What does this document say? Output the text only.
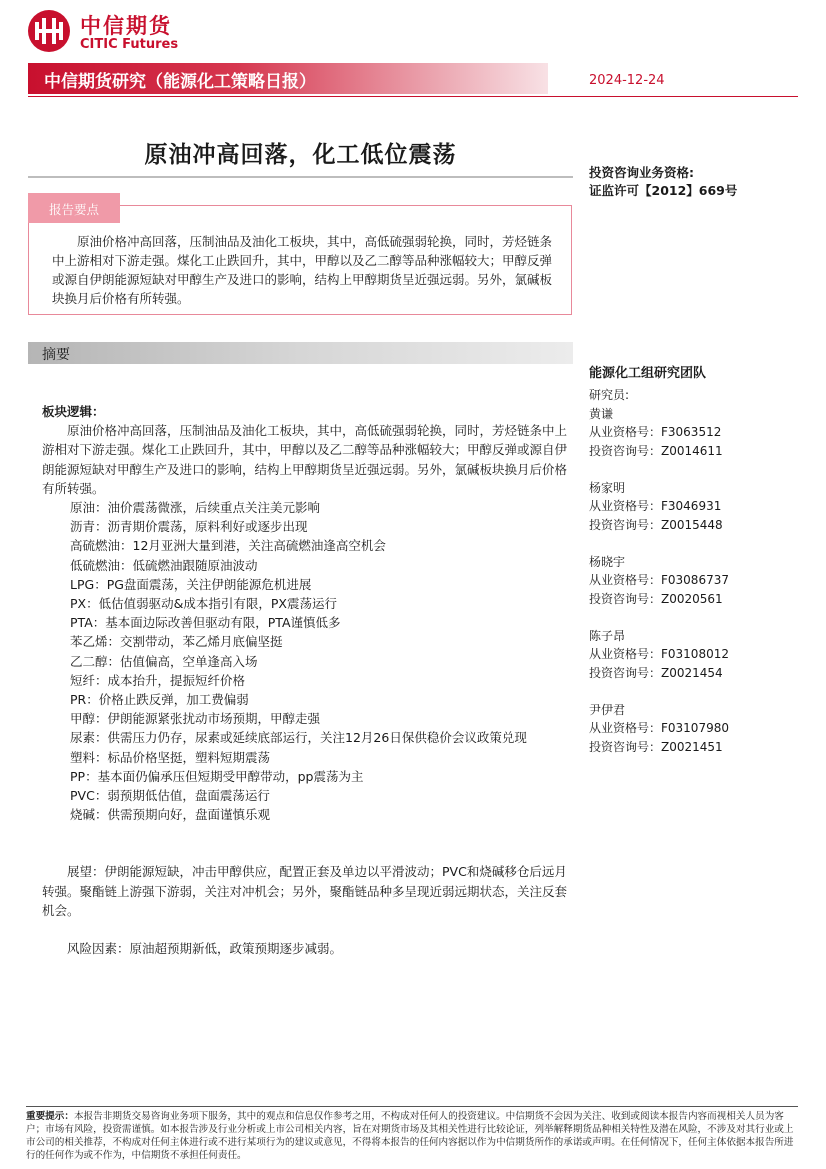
中信期货
CITIC Futures
中信期货研究（能源化工策略日报）	2024-12-24
原油冲高回落，化工低位震荡
投资咨询业务资格:
证监许可【2012】669号
报告要点
原油价格冲高回落，压制油品及油化工板块，其中，高低硫强弱轮换，同时，芳烃链条中上游相对下游走强。煤化工止跌回升，其中，甲醇以及乙二醇等品种涨幅较大；甲醇反弹或源自伊朗能源短缺对甲醇生产及进口的影响，结构上甲醇期货呈近强远弱。另外，氯碱板块换月后价格有所转强。
摘要

板块逻辑：

原油价格冲高回落，压制油品及油化工板块，其中，高低硫强弱轮换，同时，芳烃链条中上游相对下游走强。煤化工止跌回升，其中，甲醇以及乙二醇等品种涨幅较大；甲醇反弹或源自伊朗能源短缺对甲醇生产及进口的影响，结构上甲醇期货呈近强远弱。另外，氯碱板块换月后价格有所转强。

原油：油价震荡微涨，后续重点关注美元影响

沥青：沥青期价震荡，原料利好或逐步出现

高硫燃油：12月亚洲大量到港，关注高硫燃油逢高空机会

低硫燃油：低硫燃油跟随原油波动

LPG：PG盘面震荡，关注伊朗能源危机进展

PX：低估值弱驱动&成本指引有限，PX震荡运行

PTA：基本面边际改善但驱动有限，PTA谨慎低多

苯乙烯：交割带动，苯乙烯月底偏坚挺

乙二醇：估值偏高，空单逢高入场

短纤：成本抬升，提振短纤价格

PR：价格止跌反弹，加工费偏弱

甲醇：伊朗能源紧张扰动市场预期，甲醇走强

尿素：供需压力仍存，尿素或延续底部运行，关注12月26日保供稳价会议政策兑现

塑料：标品价格坚挺，塑料短期震荡

PP：基本面仍偏承压但短期受甲醇带动，pp震荡为主

PVC：弱预期低估值，盘面震荡运行

烧碱：供需预期向好，盘面谨慎乐观

展望：伊朗能源短缺，冲击甲醇供应，配置正套及单边以平滑波动；PVC和烧碱移仓后远月转强。聚酯链上游强下游弱，关注对冲机会；另外，聚酯链品种多呈现近弱远期状态，关注反套机会。

风险因素：原油超预期新低，政策预期逐步减弱。

能源化工组研究团队
研究员:
黄谦
从业资格号：F3063512
投资咨询号：Z0014611
杨家明
从业资格号：F3046931
投资咨询号：Z0015448
杨晓宇
从业资格号：F03086737
投资咨询号：Z0020561
陈子昂
从业资格号：F03108012
投资咨询号：Z0021454
尹伊君
从业资格号：F03107980
投资咨询号：Z0021451
重要提示：本报告非期货交易咨询业务项下服务，其中的观点和信息仅作参考之用，不构成对任何人的投资建议。中信期货不会因为关注、收到或阅读本报告内容而视相关人员为客户；市场有风险，投资需谨慎。如本报告涉及行业分析或上市公司相关内容，旨在对期货市场及其相关性进行比较论证，列举解释期货品种相关特性及潜在风险，不涉及对其行业或上市公司的相关推荐，不构成对任何主体进行或不进行某项行为的建议或意见，不得将本报告的任何内容据以作为中信期货所作的承诺或声明。在任何情况下，任何主体依据本报告所进行的任何作为或不作为，中信期货不承担任何责任。
